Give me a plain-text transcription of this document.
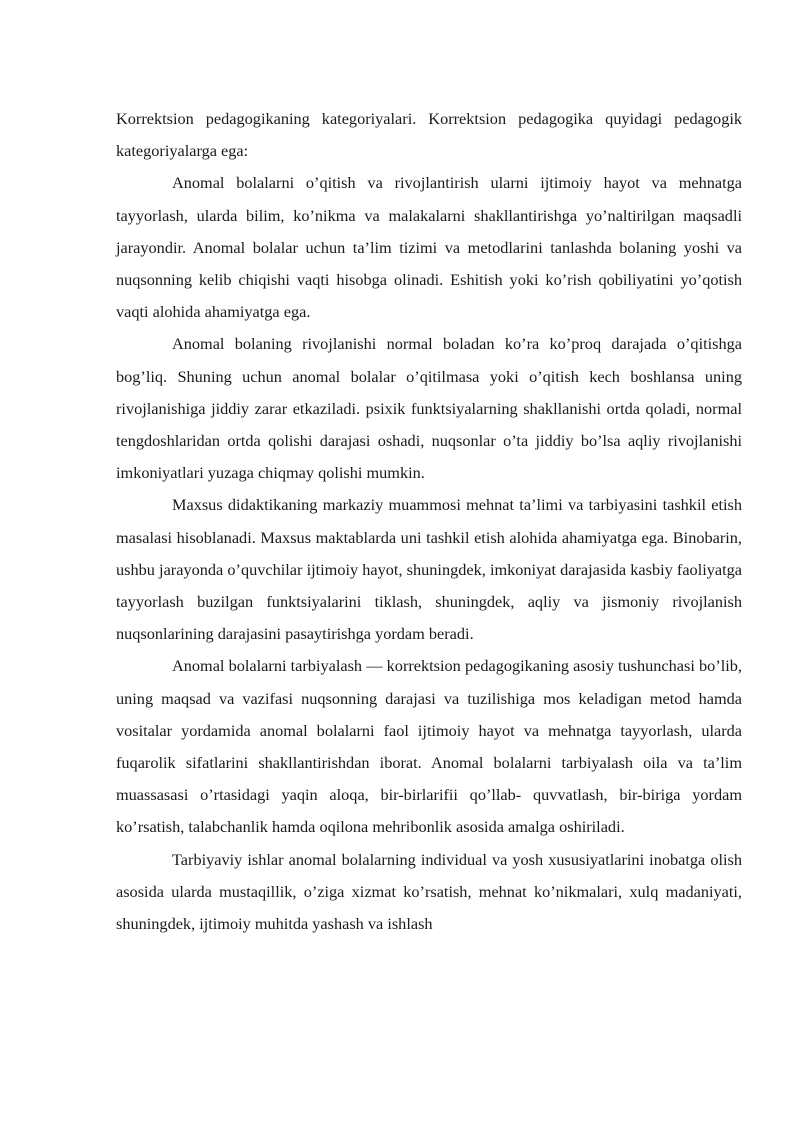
Korrektsion pedagogikaning kategoriyalari. Korrektsion pedagogika quyidagi pedagogik kategoriyalarga ega:

Anomal bolalarni o’qitish va rivojlantirish ularni ijtimoiy hayot va mehnatga tayyorlash, ularda bilim, ko’nikma va malakalarni shakllantirishga yo’naltirilgan maqsadli jarayondir. Anomal bolalar uchun ta’lim tizimi va metodlarini tanlashda bolaning yoshi va nuqsonning kelib chiqishi vaqti hisobga olinadi. Eshitish yoki ko’rish qobiliyatini yo’qotish vaqti alohida ahamiyatga ega.

Anomal bolaning rivojlanishi normal boladan ko’ra ko’proq darajada o’qitishga bog’liq. Shuning uchun anomal bolalar o’qitilmasa yoki o’qitish kech boshlansa uning rivojlanishiga jiddiy zarar etkaziladi. psixik funktsiyalarning shakllanishi ortda qoladi, normal tengdoshlaridan ortda qolishi darajasi oshadi, nuqsonlar o’ta jiddiy bo’lsa aqliy rivojlanishi imkoniyatlari yuzaga chiqmay qolishi mumkin.

Maxsus didaktikaning markaziy muammosi mehnat ta’limi va tarbiyasini tashkil etish masalasi hisoblanadi. Maxsus maktablarda uni tashkil etish alohida ahamiyatga ega. Binobarin, ushbu jarayonda o’quvchilar ijtimoiy hayot, shuningdek, imkoniyat darajasida kasbiy faoliyatga tayyorlash buzilgan funktsiyalarini tiklash, shuningdek, aqliy va jismoniy rivojlanish nuqsonlarining darajasini pasaytirishga yordam beradi.

Anomal bolalarni tarbiyalash — korrektsion pedagogikaning asosiy tushunchasi bo’lib, uning maqsad va vazifasi nuqsonning darajasi va tuzilishiga mos keladigan metod hamda vositalar yordamida anomal bolalarni faol ijtimoiy hayot va mehnatga tayyorlash, ularda fuqarolik sifatlarini shakllantirishdan iborat. Anomal bolalarni tarbiyalash oila va ta’lim muassasasi o’rtasidagi yaqin aloqa, bir-birlarifii qo’llab- quvvatlash, bir-biriga yordam ko’rsatish, talabchanlik hamda oqilona mehribonlik asosida amalga oshiriladi.

Tarbiyaviy ishlar anomal bolalarning individual va yosh xususiyatlarini inobatga olish asosida ularda mustaqillik, o’ziga xizmat ko’rsatish, mehnat ko’nikmalari, xulq madaniyati, shuningdek, ijtimoiy muhitda yashash va ishlash
